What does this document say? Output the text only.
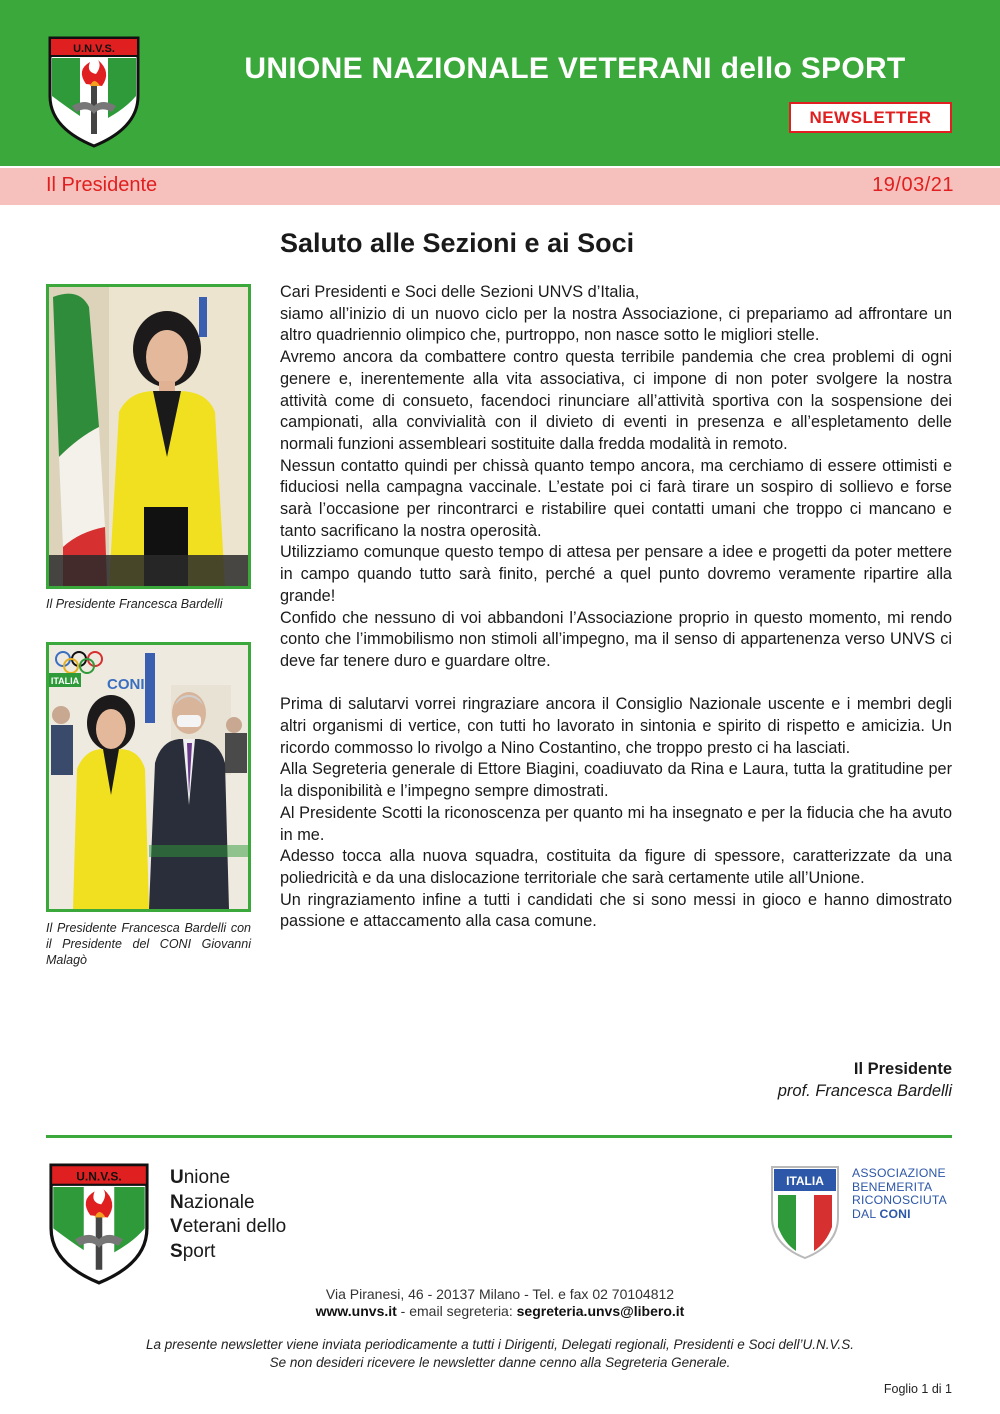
U.N.V.S.
UNIONE NAZIONALE VETERANI dello SPORT
NEWSLETTER
Il Presidente	19/03/21
Saluto alle Sezioni e ai Soci
Il Presidente Francesca Bardelli
ITALIA CONI
Il Presidente Francesca Bardelli con il Presidente del CONI Giovanni Malagò

Cari Presidenti e Soci delle Sezioni UNVS d’Italia,

siamo all’inizio di un nuovo ciclo per la nostra Associazione, ci prepariamo ad affrontare un altro quadriennio olimpico che, purtroppo, non nasce sotto le migliori stelle.

Avremo ancora da combattere contro questa terribile pandemia che crea problemi di ogni genere e, inerentemente alla vita associativa, ci impone di non poter svolgere la nostra attività come di consueto, facendoci rinunciare all’attività sportiva con la sospensione dei campionati, alla convivialità con il divieto di eventi in presenza e all’espletamento delle normali funzioni assembleari sostituite dalla fredda modalità in remoto.

Nessun contatto quindi per chissà quanto tempo ancora, ma cerchiamo di essere ottimisti e fiduciosi nella campagna vaccinale. L’estate poi ci farà tirare un sospiro di sollievo e forse sarà l’occasione per rincontrarci e ristabilire quei contatti umani che troppo ci mancano e tanto sacrificano la nostra operosità.

Utilizziamo comunque questo tempo di attesa per pensare a idee e progetti da poter mettere in campo quando tutto sarà finito, perché a quel punto dovremo veramente ripartire alla grande!

Confido che nessuno di voi abbandoni l’Associazione proprio in questo momento, mi rendo conto che l’immobilismo non stimoli all’impegno, ma il senso di appartenenza verso UNVS ci deve far tenere duro e guardare oltre.

Prima di salutarvi vorrei ringraziare ancora il Consiglio Nazionale uscente e i membri degli altri organismi di vertice, con tutti ho lavorato in sintonia e spirito di rispetto e amicizia. Un ricordo commosso lo rivolgo a Nino Costantino, che troppo presto ci ha lasciati.

Alla Segreteria generale di Ettore Biagini, coadiuvato da Rina e Laura, tutta la gratitudine per la disponibilità e l’impegno sempre dimostrati.

Al Presidente Scotti la riconoscenza per quanto mi ha insegnato e per la fiducia che ha avuto in me.

Adesso tocca alla nuova squadra, costituita da figure di spessore, caratterizzate da una poliedricità e da una dislocazione territoriale che sarà certamente utile all’Unione.

Un ringraziamento infine a tutti i candidati che si sono messi in gioco e hanno dimostrato passione e attaccamento alla casa comune.

Il Presidente
prof. Francesca Bardelli
U.N.V.S.	Unione
Nazionale
Veterani dello
Sport
ITALIA
ASSOCIAZIONE
BENEMERITA
RICONOSCIUTA
DAL CONI
Via Piranesi, 46 - 20137 Milano - Tel. e fax 02 70104812
www.unvs.it - email segreteria: segreteria.unvs@libero.it
La presente newsletter viene inviata periodicamente a tutti i Dirigenti, Delegati regionali, Presidenti e Soci dell’U.N.V.S.
Se non desideri ricevere le newsletter danne cenno alla Segreteria Generale.
Foglio 1 di 1
